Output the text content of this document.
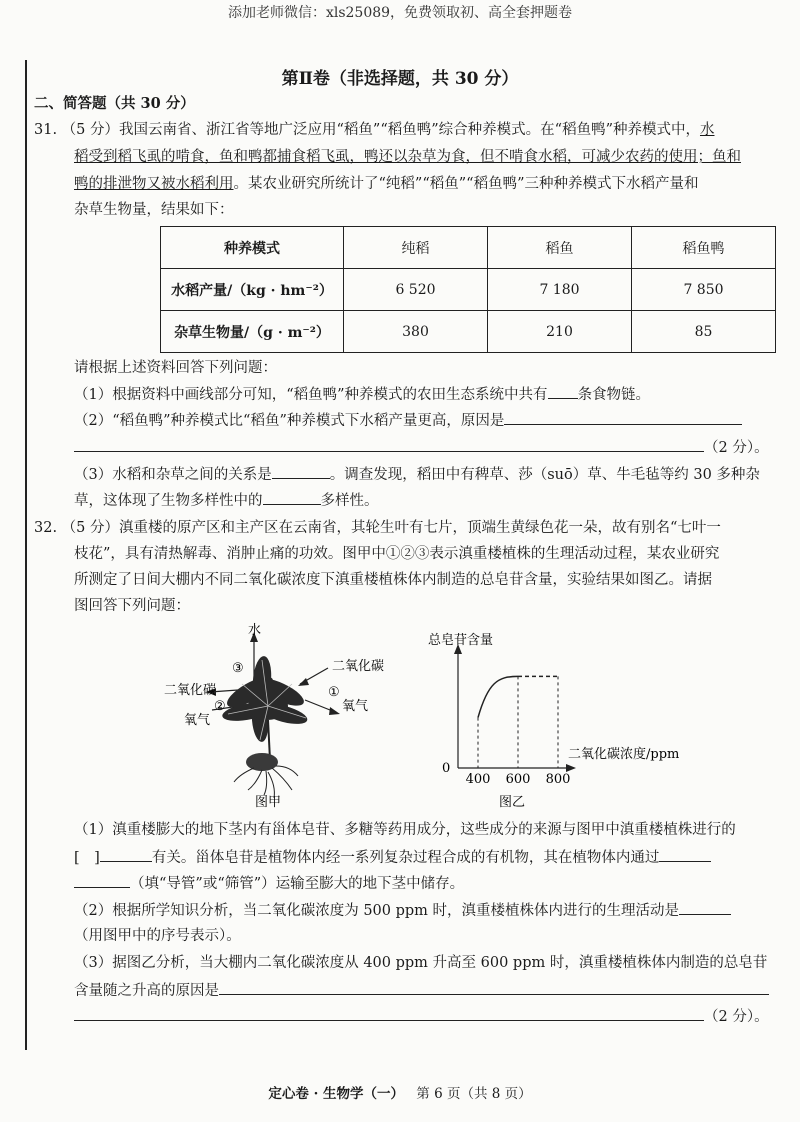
添加老师微信：xls25089，免费领取初、高全套押题卷
第Ⅱ卷（非选择题，共 30 分）
二、简答题（共 30 分）
31. （5 分）我国云南省、浙江省等地广泛应用“稻鱼”“稻鱼鸭”综合种养模式。在“稻鱼鸭”种养模式中，水
稻受到稻飞虱的啃食，鱼和鸭都捕食稻飞虱，鸭还以杂草为食，但不啃食水稻，可减少农药的使用；鱼和
鸭的排泄物又被水稻利用。某农业研究所统计了“纯稻”“稻鱼”“稻鱼鸭”三种种养模式下水稻产量和
杂草生物量，结果如下：
种养模式	纯稻	稻鱼	稻鱼鸭
水稻产量/（kg · hm⁻²）	6 520	7 180	7 850
杂草生物量/（g · m⁻²）	380	210	85
请根据上述资料回答下列问题：
（1）根据资料中画线部分可知，“稻鱼鸭”种养模式的农田生态系统中共有 条食物链。
（2）“稻鱼鸭”种养模式比“稻鱼”种养模式下水稻产量更高，原因是
（2 分）。
（3）水稻和杂草之间的关系是	。调查发现，稻田中有稗草、莎（suō）草、牛毛毡等约 30 多种杂
草，这体现了生物多样性中的	多样性。
32. （5 分）滇重楼的原产区和主产区在云南省，其轮生叶有七片，顶端生黄绿色花一朵，故有别名“七叶一
枝花”，具有清热解毒、消肿止痛的功效。图甲中①②③表示滇重楼植株的生理活动过程，某农业研究
所测定了日间大棚内不同二氧化碳浓度下滇重楼植株体内制造的总皂苷含量，实验结果如图乙。请据
图回答下列问题：
水
③	二氧化碳
①
氧气
二氧化碳
②
氧气
图甲
总皂苷含量
二氧化碳浓度/ppm
0
400 600 800
图乙
（1）滇重楼膨大的地下茎内有甾体皂苷、多糖等药用成分，这些成分的来源与图甲中滇重楼植株进行的
[　]	有关。甾体皂苷是植物体内经一系列复杂过程合成的有机物，其在植物体内通过
（填“导管”或“筛管”）运输至膨大的地下茎中储存。
（2）根据所学知识分析，当二氧化碳浓度为 500 ppm 时，滇重楼植株体内进行的生理活动是
（用图甲中的序号表示）。
（3）据图乙分析，当大棚内二氧化碳浓度从 400 ppm 升高至 600 ppm 时，滇重楼植株体内制造的总皂苷
含量随之升高的原因是
（2 分）。
定心卷 · 生物学（一） 第 6 页（共 8 页）
